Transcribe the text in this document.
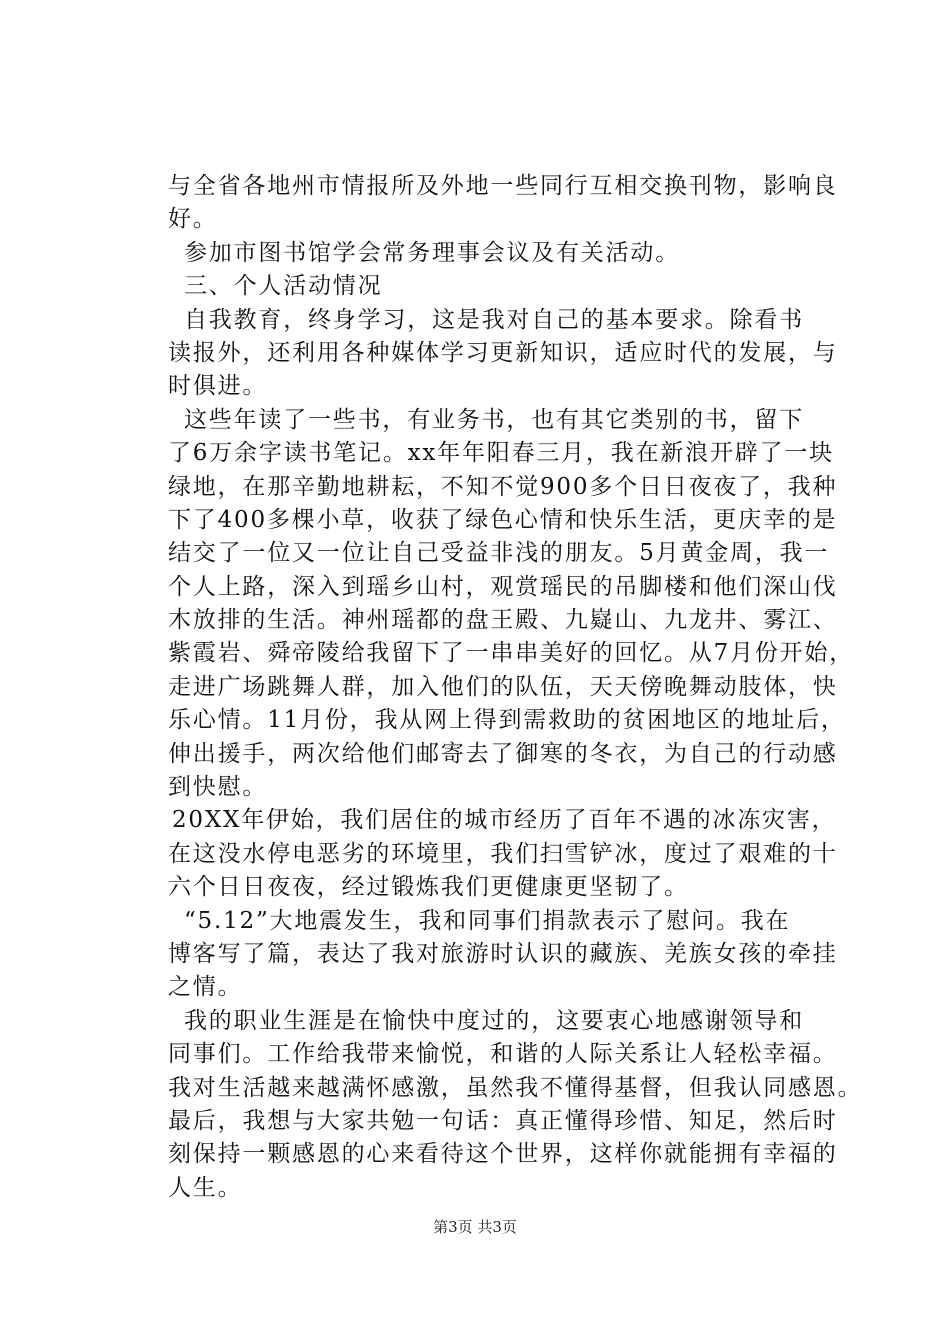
与全省各地州市情报所及外地一些同行互相交换刊物，影响良

好。

参加市图书馆学会常务理事会议及有关活动。

三、个人活动情况

自我教育，终身学习，这是我对自己的基本要求。除看书

读报外，还利用各种媒体学习更新知识，适应时代的发展，与

时俱进。

这些年读了一些书，有业务书，也有其它类别的书，留下

了6万余字读书笔记。xx年年阳春三月，我在新浪开辟了一块

绿地，在那辛勤地耕耘，不知不觉900多个日日夜夜了，我种

下了400多棵小草，收获了绿色心情和快乐生活，更庆幸的是

结交了一位又一位让自己受益非浅的朋友。5月黄金周，我一

个人上路，深入到瑶乡山村，观赏瑶民的吊脚楼和他们深山伐

木放排的生活。神州瑶都的盘王殿、九嶷山、九龙井、雾江、

紫霞岩、舜帝陵给我留下了一串串美好的回忆。从7月份开始，

走进广场跳舞人群，加入他们的队伍，天天傍晚舞动肢体，快

乐心情。11月份，我从网上得到需救助的贫困地区的地址后，

伸出援手，两次给他们邮寄去了御寒的冬衣，为自己的行动感

到快慰。

20XX年伊始，我们居住的城市经历了百年不遇的冰冻灾害，

在这没水停电恶劣的环境里，我们扫雪铲冰，度过了艰难的十

六个日日夜夜，经过锻炼我们更健康更坚韧了。

“5.12”大地震发生，我和同事们捐款表示了慰问。我在

博客写了篇，表达了我对旅游时认识的藏族、羌族女孩的牵挂

之情。

我的职业生涯是在愉快中度过的，这要衷心地感谢领导和

同事们。工作给我带来愉悦，和谐的人际关系让人轻松幸福。

我对生活越来越满怀感激，虽然我不懂得基督，但我认同感恩。

最后，我想与大家共勉一句话：真正懂得珍惜、知足，然后时

刻保持一颗感恩的心来看待这个世界，这样你就能拥有幸福的

人生。

第3页 共3页
